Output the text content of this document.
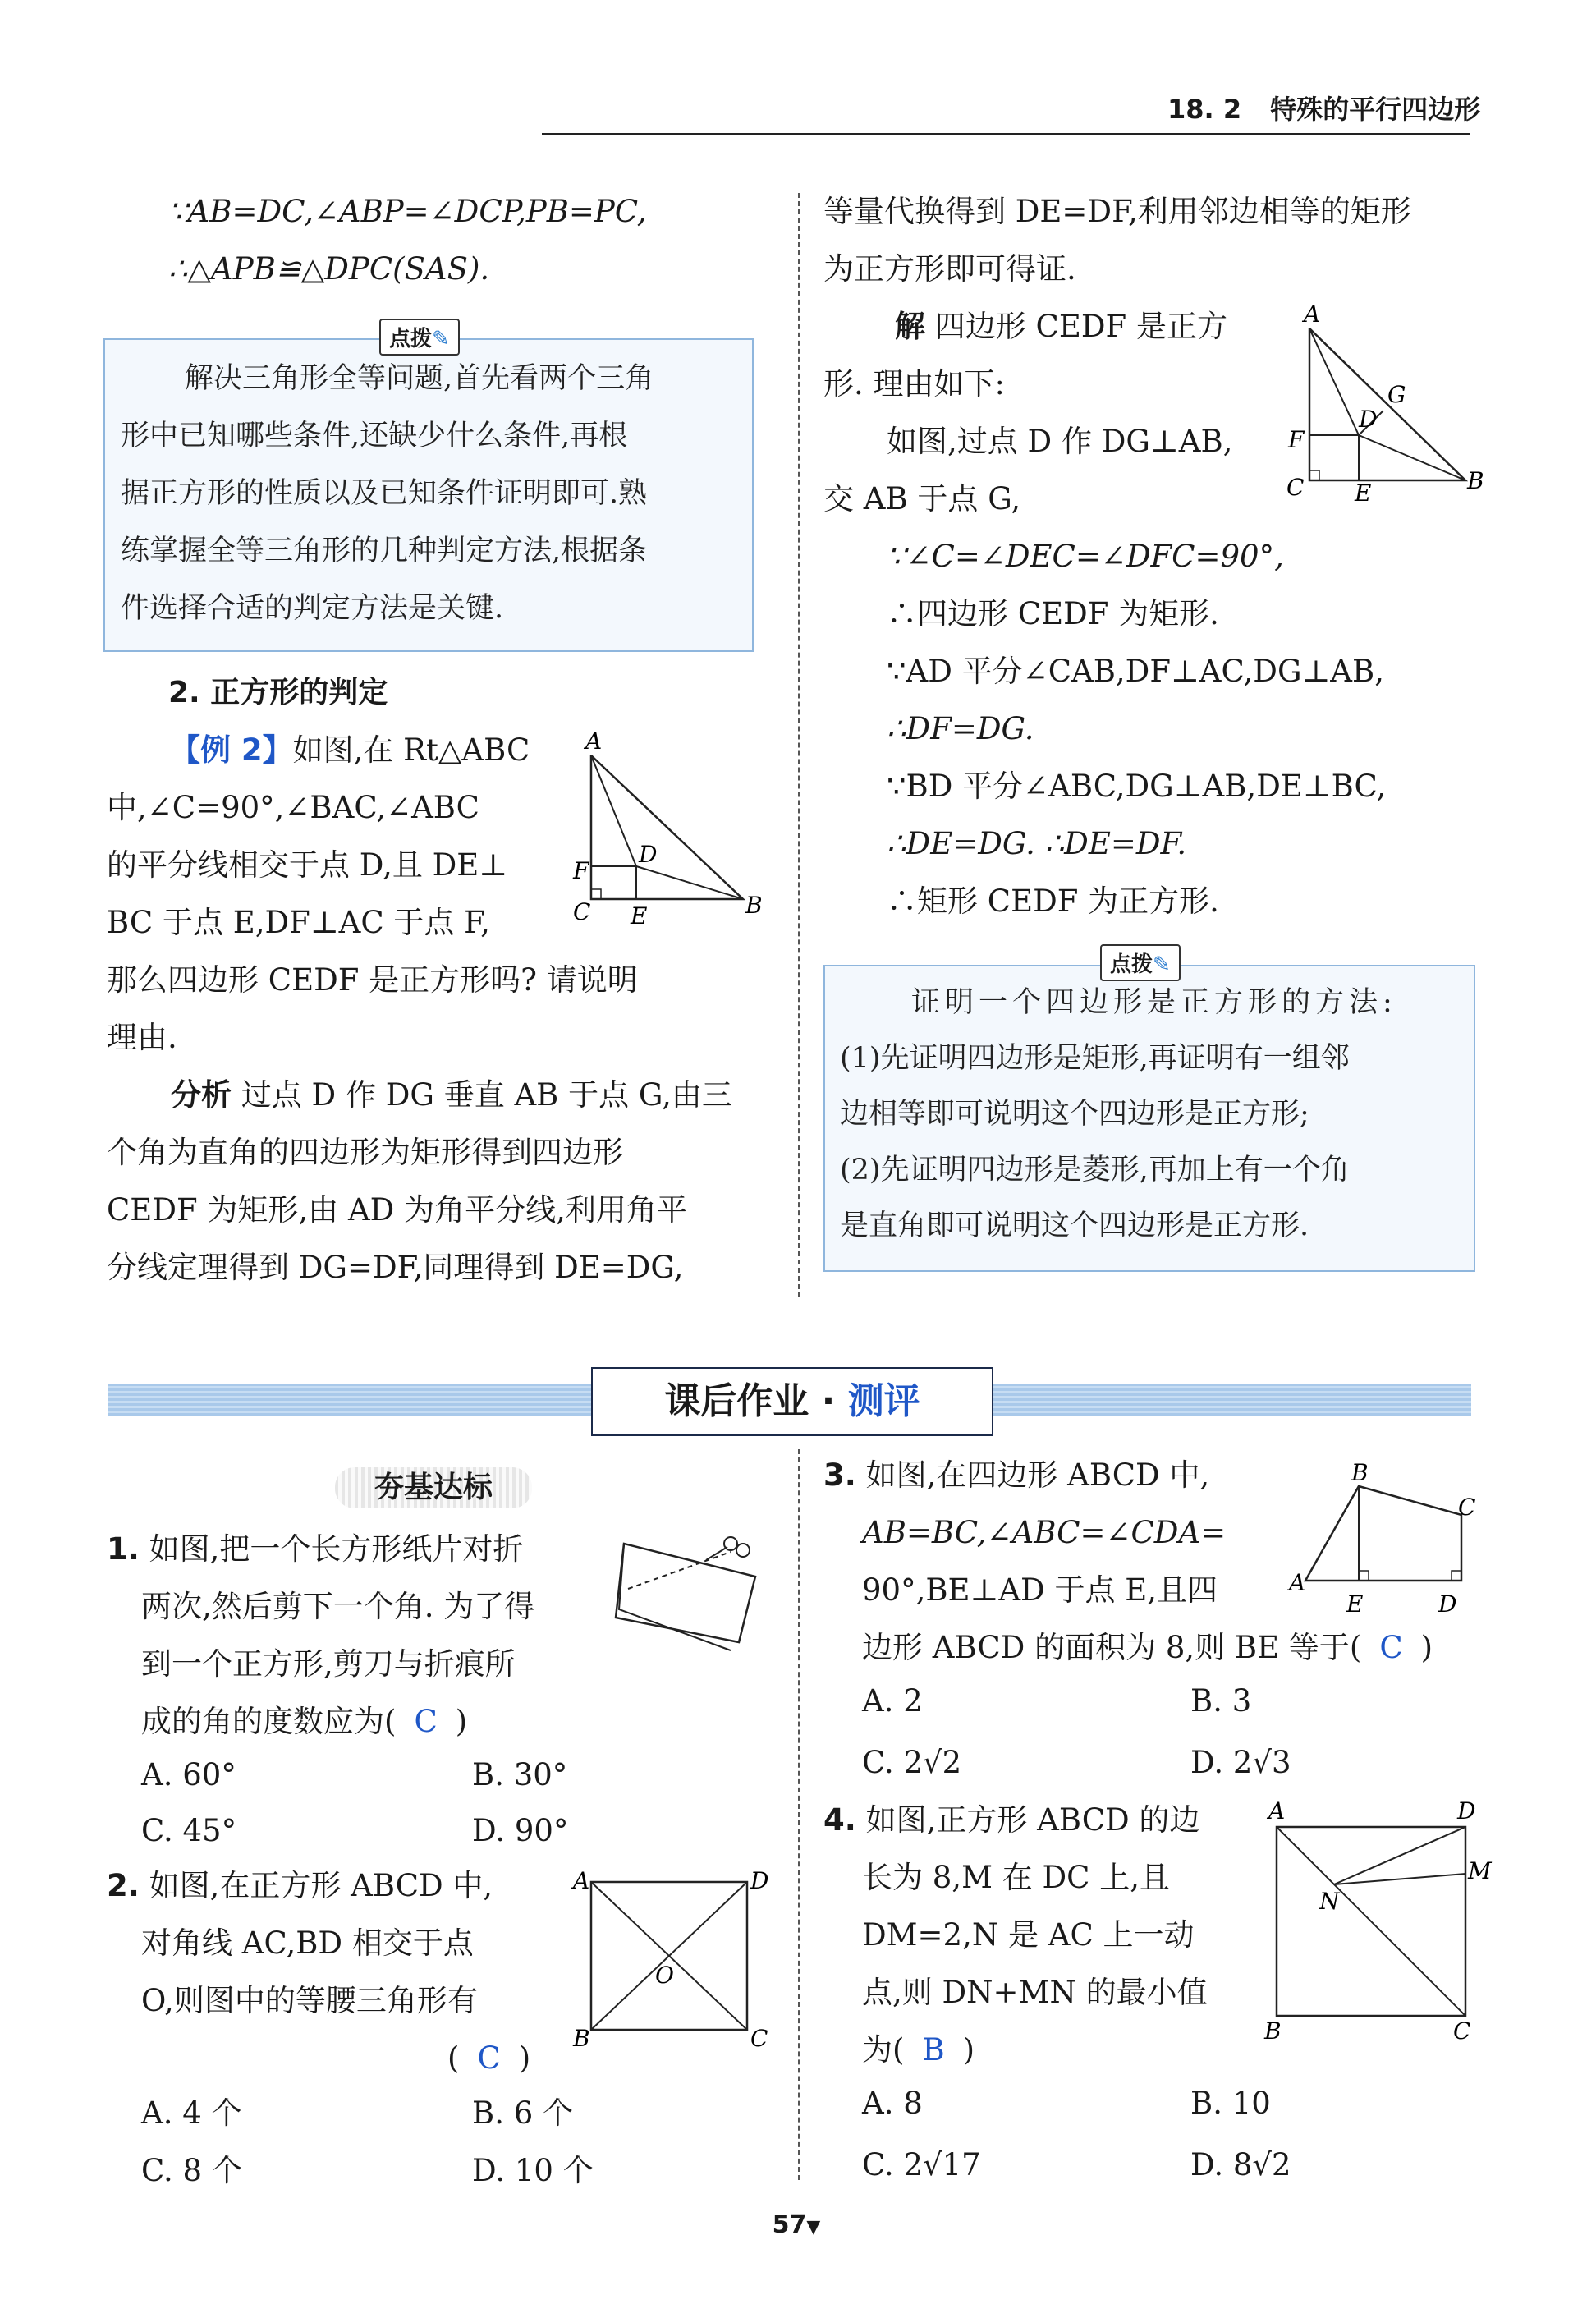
18. 2 特殊的平行四边形
∵AB=DC,∠ABP=∠DCP,PB=PC,
∴△APB≌△DPC(SAS).
点拨✎
解决三角形全等问题,首先看两个三角
形中已知哪些条件,还缺少什么条件,再根
据正方形的性质以及已知条件证明即可.熟
练掌握全等三角形的几种判定方法,根据条
件选择合适的判定方法是关键.
2. 正方形的判定
【例 2】如图,在 Rt△ABC
中,∠C=90°,∠BAC,∠ABC
的平分线相交于点 D,且 DE⊥
BC 于点 E,DF⊥AC 于点 F,
那么四边形 CEDF 是正方形吗? 请说明
理由.
A
B
C
D
E
F
分析 过点 D 作 DG 垂直 AB 于点 G,由三
个角为直角的四边形为矩形得到四边形
CEDF 为矩形,由 AD 为角平分线,利用角平
分线定理得到 DG=DF,同理得到 DE=DG,
等量代换得到 DE=DF,利用邻边相等的矩形
为正方形即可得证.
解 四边形 CEDF 是正方
形. 理由如下:
如图,过点 D 作 DG⊥AB,
交 AB 于点 G,
∵∠C=∠DEC=∠DFC=90°,
∴四边形 CEDF 为矩形.
∵AD 平分∠CAB,DF⊥AC,DG⊥AB,
∴DF=DG.
∵BD 平分∠ABC,DG⊥AB,DE⊥BC,
∴DE=DG. ∴DE=DF.
∴矩形 CEDF 为正方形.
A
B
C
D
E
F
G
点拨✎
证明一个四边形是正方形的方法:
(1)先证明四边形是矩形,再证明有一组邻
边相等即可说明这个四边形是正方形;
(2)先证明四边形是菱形,再加上有一个角
是直角即可说明这个四边形是正方形.
课后作业 · 测评
夯基达标
1. 如图,把一个长方形纸片对折
两次,然后剪下一个角. 为了得
到一个正方形,剪刀与折痕所
成的角的度数应为( C )
A. 60°	B. 30°
C. 45°	D. 90°
2. 如图,在正方形 ABCD 中,
对角线 AC,BD 相交于点
O,则图中的等腰三角形有
( C )
A. 4 个	B. 6 个
C. 8 个	D. 10 个
A
B	C
D
O
3. 如图,在四边形 ABCD 中,
AB=BC,∠ABC=∠CDA=
90°,BE⊥AD 于点 E,且四
边形 ABCD 的面积为 8,则 BE 等于( C )
A. 2	B. 3
C. 2√2	D. 2√3
A
B
C
D
E
4. 如图,正方形 ABCD 的边
长为 8,M 在 DC 上,且
DM=2,N 是 AC 上一动
点,则 DN+MN 的最小值
为( B )
A. 8	B. 10
C. 2√17	D. 8√2
A
B	C
D
M
N
57▼
